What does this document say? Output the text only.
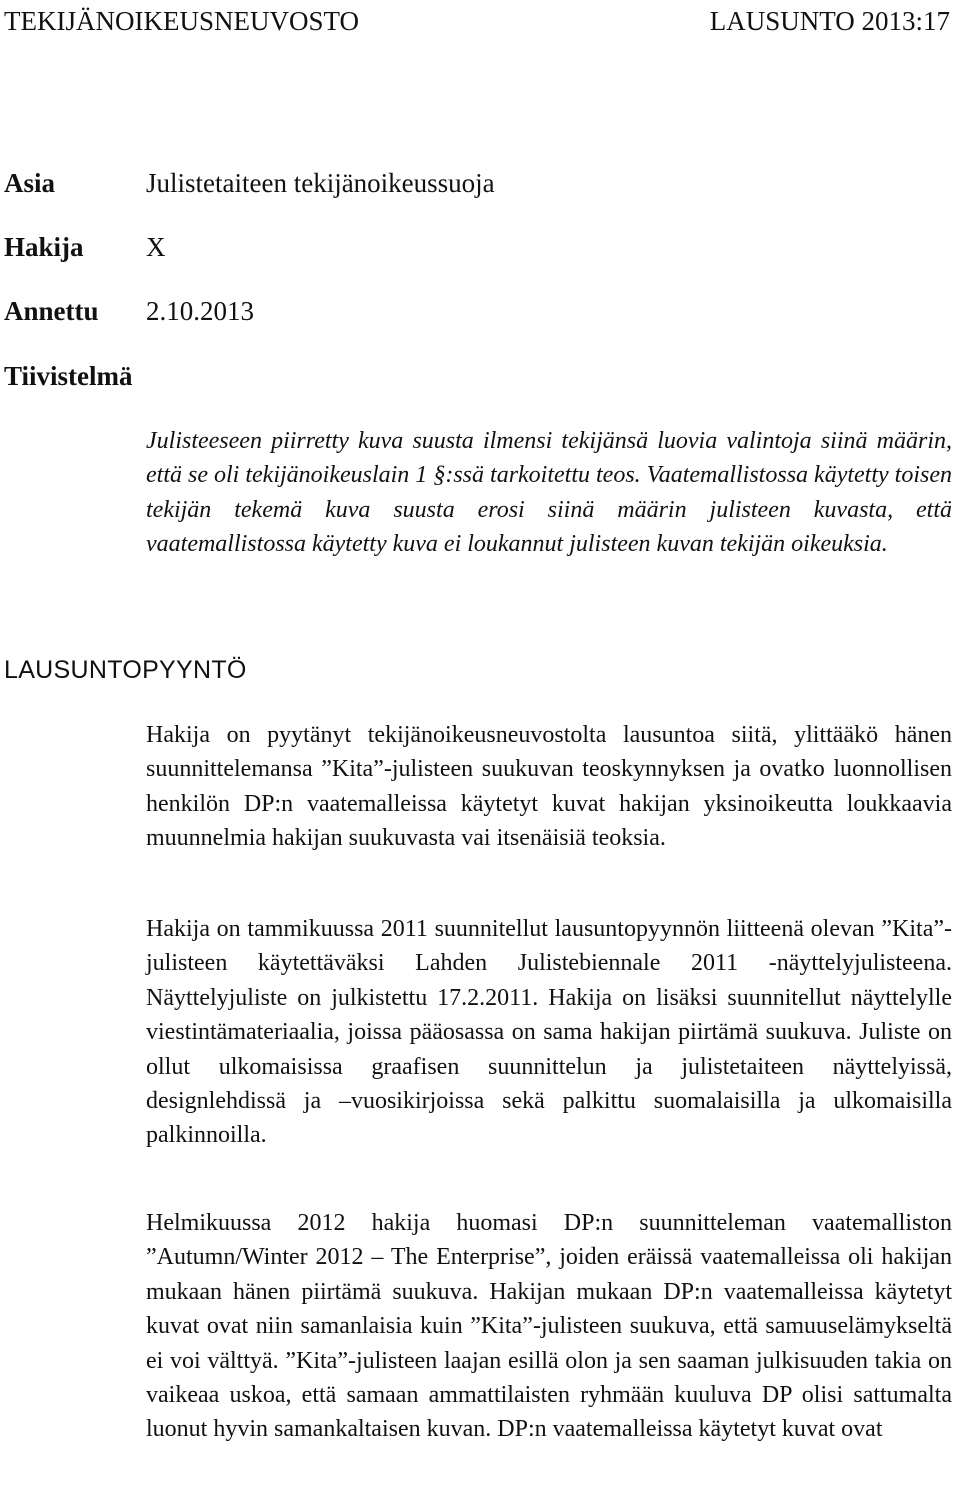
TEKIJÄNOIKEUSNEUVOSTO	LAUSUNTO 2013:17
Asia	Julistetaiteen tekijänoikeussuoja
Hakija X
Annettu 2.10.2013
Tiivistelmä

Julisteeseen piirretty kuva suusta ilmensi tekijänsä luovia valintoja siinä määrin, että se oli tekijänoikeuslain 1 §:ssä tarkoitettu teos. Vaatemallistossa käytetty toisen tekijän tekemä kuva suusta erosi siinä määrin julisteen kuvasta, että vaatemallistossa käytetty kuva ei loukannut julisteen kuvan tekijän oikeuksia.

LAUSUNTOPYYNTÖ

Hakija on pyytänyt tekijänoikeusneuvostolta lausuntoa siitä, ylittääkö hänen suunnittelemansa ”Kita”-julisteen suukuvan teoskynnyksen ja ovatko luonnollisen henkilön DP:n vaatemalleissa käytetyt kuvat hakijan yksinoikeutta loukkaavia muunnelmia hakijan suukuvasta vai itsenäisiä teoksia.

Hakija on tammikuussa 2011 suunnitellut lausuntopyynnön liitteenä olevan ”Kita”-julisteen käytettäväksi Lahden Julistebiennale 2011 -näyttelyjulisteena. Näyttelyjuliste on julkistettu 17.2.2011. Hakija on lisäksi suunnitellut näyttelylle viestintämateriaalia, joissa pääosassa on sama hakijan piirtämä suukuva. Juliste on ollut ulkomaisissa graafisen suunnittelun ja julistetaiteen näyttelyissä, designlehdissä ja –vuosikirjoissa sekä palkittu suomalaisilla ja ulkomaisilla palkinnoilla.

Helmikuussa 2012 hakija huomasi DP:n suunnitteleman vaatemalliston ”Autumn/Winter 2012 – The Enterprise”, joiden eräissä vaatemalleissa oli hakijan mukaan hänen piirtämä suukuva. Hakijan mukaan DP:n vaatemalleissa käytetyt kuvat ovat niin samanlaisia kuin ”Kita”-julisteen suukuva, että samuuselämykseltä ei voi välttyä. ”Kita”-julisteen laajan esillä olon ja sen saaman julkisuuden takia on vaikeaa uskoa, että samaan ammattilaisten ryhmään kuuluva DP olisi sattumalta luonut hyvin samankaltaisen kuvan. DP:n vaatemalleissa käytetyt kuvat ovat
